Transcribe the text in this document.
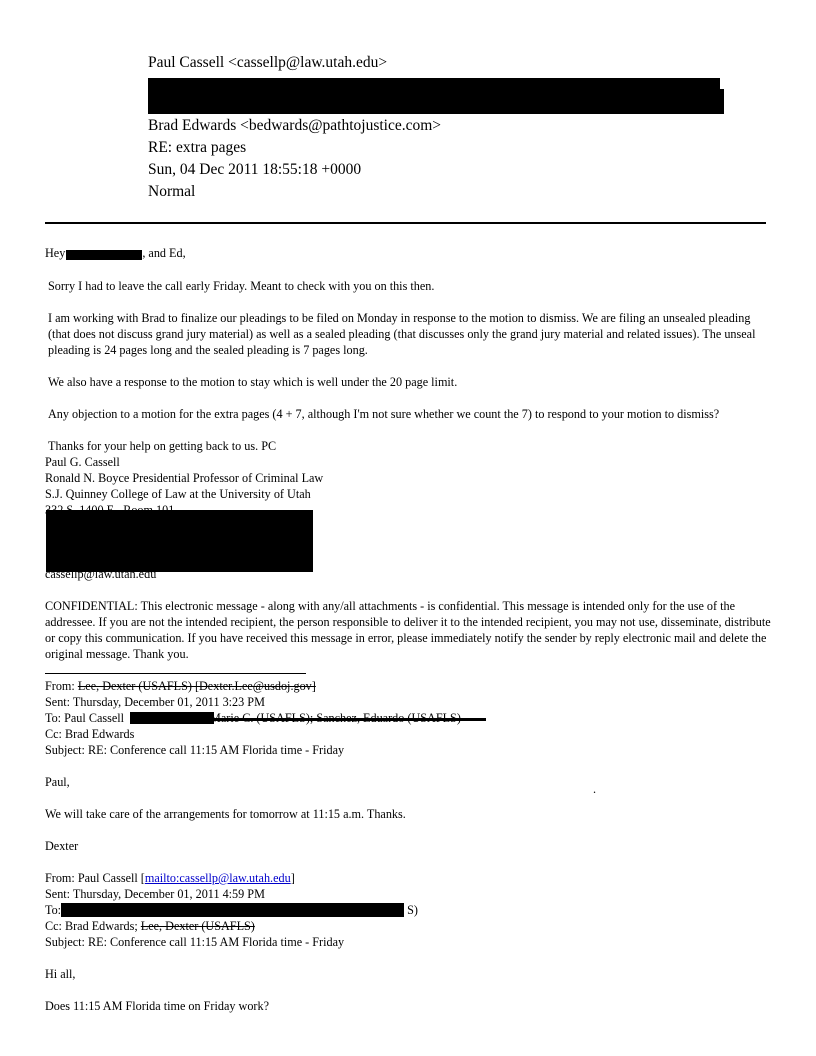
Paul Cassell <cassellp@law.utah.edu>
Brad Edwards <bedwards@pathtojustice.com>
RE: extra pages
Sun, 04 Dec 2011 18:55:18 +0000
Normal
Hey	, and Ed,
Sorry I had to leave the call early Friday. Meant to check with you on this then.
I am working with Brad to finalize our pleadings to be filed on Monday in response to the motion to dismiss. We are filing an unsealed pleading (that does not discuss grand jury material) as well as a sealed pleading (that discusses only the grand jury material and related issues). The unseal pleading is 24 pages long and the sealed pleading is 7 pages long.
We also have a response to the motion to stay which is well under the 20 page limit.
Any objection to a motion for the extra pages (4 + 7, although I'm not sure whether we count the 7) to respond to your motion to dismiss?
Thanks for your help on getting back to us. PC
Paul G. Cassell
Ronald N. Boyce Presidential Professor of Criminal Law
S.J. Quinney College of Law at the University of Utah
cassellp@law.utah.edu
CONFIDENTIAL: This electronic message - along with any/all attachments - is confidential. This message is intended only for the use of the addressee. If you are not the intended recipient, the person responsible to deliver it to the intended recipient, you may not use, disseminate, distribute or copy this communication. If you have received this message in error, please immediately notify the sender by reply electronic mail and delete the original message. Thank you.
From: Lee, Dexter (USAFLS) [Dexter.Lee@usdoj.gov]
Sent: Thursday, December 01, 2011 3:23 PM
To: Paul Cassell
Cc: Brad Edwards
Subject: RE: Conference call 11:15 AM Florida time - Friday
Paul,	.
We will take care of the arrangements for tomorrow at 11:15 a.m. Thanks.
Dexter
From: Paul Cassell [mailto:cassellp@law.utah.edu]
Sent: Thursday, December 01, 2011 4:59 PM
To:	S)
Cc: Brad Edwards; Lee, Dexter (USAFLS)
Subject: RE: Conference call 11:15 AM Florida time - Friday
Hi all,
Does 11:15 AM Florida time on Friday work?
